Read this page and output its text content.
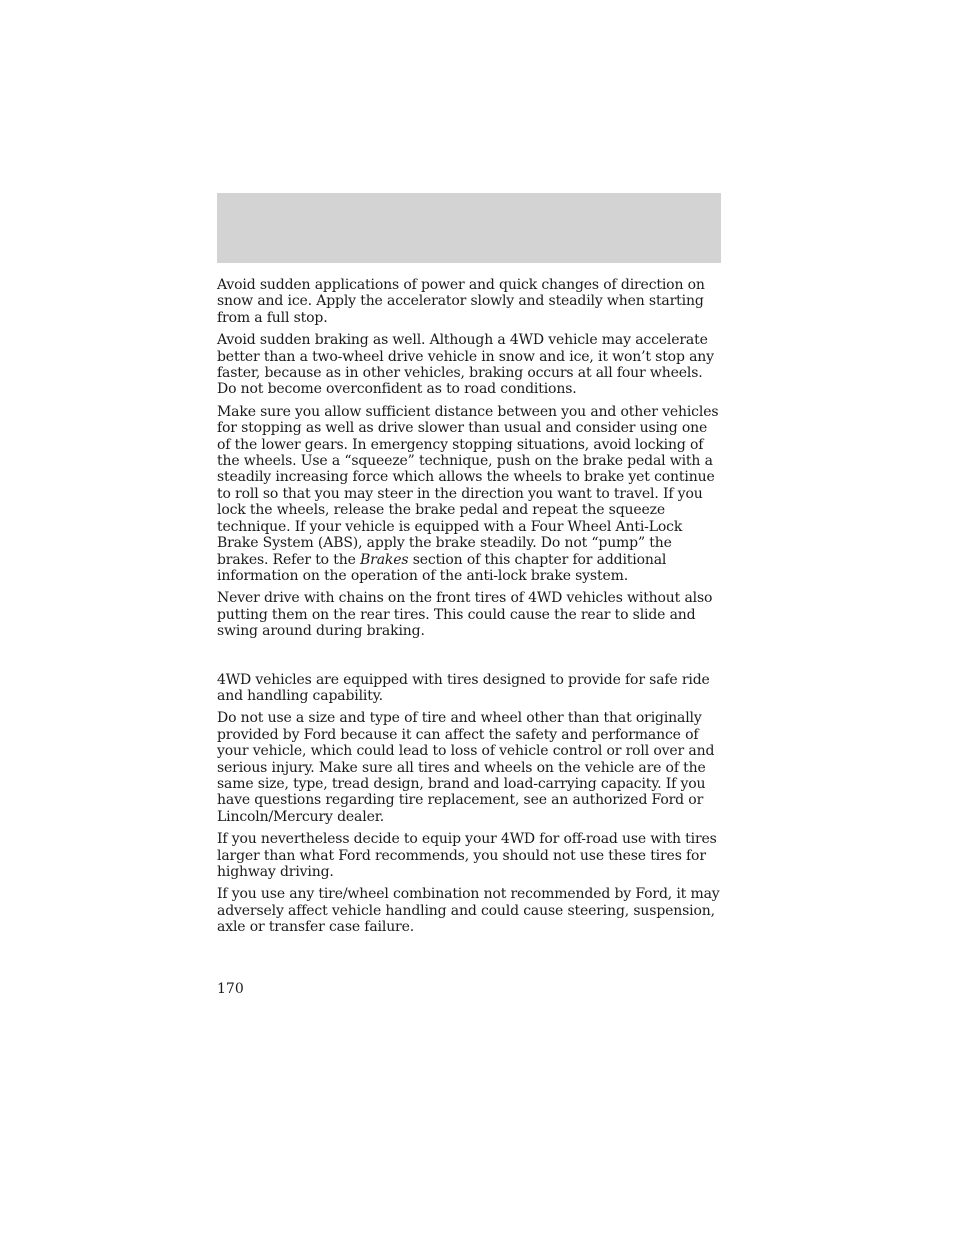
Avoid sudden applications of power and quick changes of direction on snow and ice. Apply the accelerator slowly and steadily when starting from a full stop.

Avoid sudden braking as well. Although a 4WD vehicle may accelerate better than a two-wheel drive vehicle in snow and ice, it won’t stop any faster, because as in other vehicles, braking occurs at all four wheels. Do not become overconfident as to road conditions.

Make sure you allow sufficient distance between you and other vehicles for stopping as well as drive slower than usual and consider using one of the lower gears. In emergency stopping situations, avoid locking of the wheels. Use a “squeeze” technique, push on the brake pedal with a steadily increasing force which allows the wheels to brake yet continue to roll so that you may steer in the direction you want to travel. If you lock the wheels, release the brake pedal and repeat the squeeze technique. If your vehicle is equipped with a Four Wheel Anti-Lock Brake System (ABS), apply the brake steadily. Do not “pump” the brakes. Refer to the Brakes section of this chapter for additional information on the operation of the anti-lock brake system.

Never drive with chains on the front tires of 4WD vehicles without also putting them on the rear tires. This could cause the rear to slide and swing around during braking.

4WD vehicles are equipped with tires designed to provide for safe ride and handling capability.

Do not use a size and type of tire and wheel other than that originally provided by Ford because it can affect the safety and performance of your vehicle, which could lead to loss of vehicle control or roll over and serious injury. Make sure all tires and wheels on the vehicle are of the same size, type, tread design, brand and load-carrying capacity. If you have questions regarding tire replacement, see an authorized Ford or Lincoln/Mercury dealer.

If you nevertheless decide to equip your 4WD for off-road use with tires larger than what Ford recommends, you should not use these tires for highway driving.

If you use any tire/wheel combination not recommended by Ford, it may adversely affect vehicle handling and could cause steering, suspension, axle or transfer case failure.

170
